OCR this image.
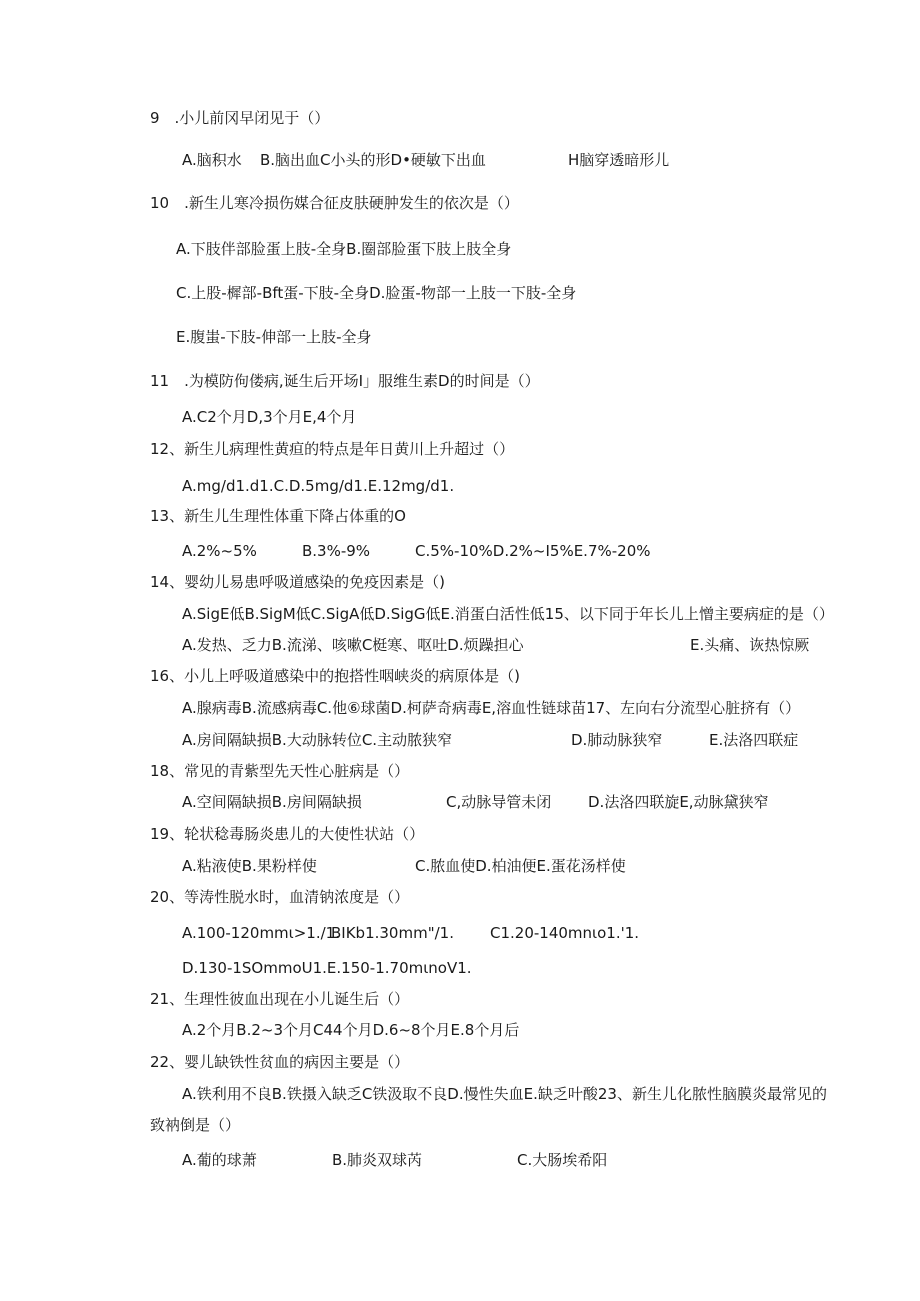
9　.小儿前冈早闭见于（）
A.脑积水 B.脑出血C小头的形D•硬敏下出血	H脑穿透暗形儿
10　.新生儿寒冷损伤媒合征皮肤硬肿发生的依次是（）
A.下肢伴部脸蛋上肢-全身B.圈部脸蛋下肢上肢全身
C.上股-樨部-Bft蛋-下肢-全身D.脸蛋-物部一上肢一下肢-全身
E.腹蚩-下肢-伸部一上肢-全身
11　.为模防佝偻病,诞生后开场I」服维生素D的时间是（）
A.C2个月D,3个月E,4个月
12、新生儿病理性黄疸的特点是年日黄川上升超过（）
A.mg/d1.d1.C.D.5mg/d1.E.12mg/d1.
13、新生儿生理性体重下降占体重的O
A.2%~5%	B.3%-9%	C.5%-10%D.2%~I5%E.7%-20%
14、婴幼儿易患呼吸道感染的免疫因素是（)
A.SigE低B.SigM低C.SigA低D.SigG低E.消蛋白活性低15、以下同于年长儿上憎主要病症的是（）
A.发热、乏力B.流涕、咳嗽C梃寒、呕吐D.烦躁担心	E.头痛、诙热惊厥
16、小儿上呼吸道感染中的抱搭性咽峡炎的病原体是（)
A.腺病毒B.流感病毒C.他⑥球菌D.柯萨奇病毒E,溶血性链球苗17、左向右分流型心脏挤有（）
A.房间隔缺损B.大动脉转位C.主动脓狭窄	D.肺动脉狭窄	E.法洛四联症
18、常见的青紫型先天性心脏病是（）
A.空间隔缺损B.房间隔缺损	C,动脉导管未闭 D.法洛四联旋E,动脉黛狭窄
19、轮状稔毒肠炎患儿的大使性状站（）
A.粘液使B.果粉样使	C.脓血使D.柏油便E.蛋花汤样使
20、等涛性脱水时，血清钠浓度是（）
A.100-120mmι>1./1.
BIKb1.30mm"/1. C1.20-140mnιo1.'1.
D.130-1SOmmoU1.E.150-1.70mιnoV1.
21、生理性彼血出现在小儿诞生后（）
A.2个月B.2~3个月C44个月D.6~8个月E.8个月后
22、婴儿缺铁性贫血的病因主要是（）
A.铁利用不良B.铁摄入缺乏C铁汲取不良D.慢性失血E.缺乏叶酸23、新生儿化脓性脑膜炎最常见的
致衲倒是（）
A.葡的球萧	B.肺炎双球芮	C.大肠埃希阳
